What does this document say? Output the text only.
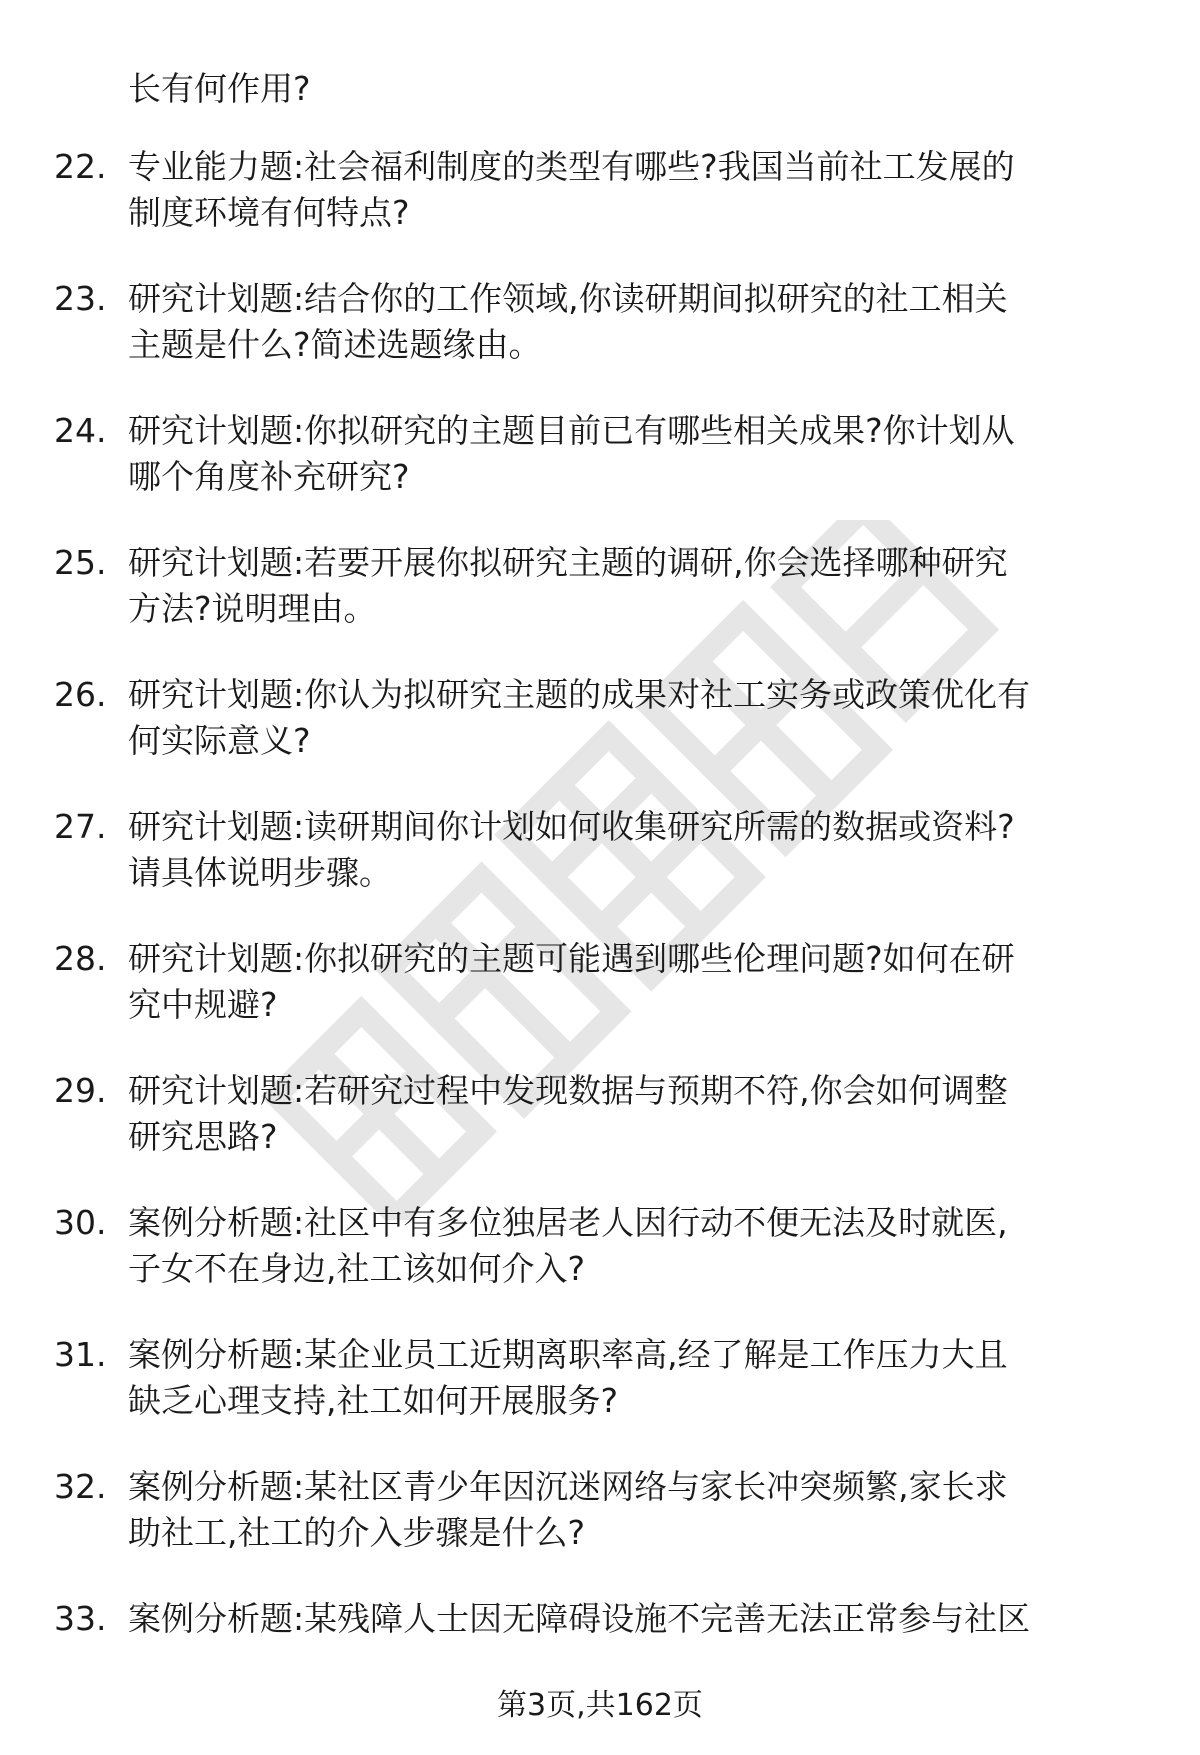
长有何作用?

22. 专业能力题:社会福利制度的类型有哪些?我国当前社工发展的
制度环境有何特点?
23. 研究计划题:结合你的工作领域,你读研期间拟研究的社工相关
主题是什么?简述选题缘由。
24. 研究计划题:你拟研究的主题目前已有哪些相关成果?你计划从
哪个角度补充研究?
25. 研究计划题:若要开展你拟研究主题的调研,你会选择哪种研究
方法?说明理由。
26. 研究计划题:你认为拟研究主题的成果对社工实务或政策优化有
何实际意义?
27. 研究计划题:读研期间你计划如何收集研究所需的数据或资料?
请具体说明步骤。
28. 研究计划题:你拟研究的主题可能遇到哪些伦理问题?如何在研
究中规避?
29. 研究计划题:若研究过程中发现数据与预期不符,你会如何调整
研究思路?
30. 案例分析题:社区中有多位独居老人因行动不便无法及时就医,
子女不在身边,社工该如何介入?
31. 案例分析题:某企业员工近期离职率高,经了解是工作压力大且
缺乏心理支持,社工如何开展服务?
32. 案例分析题:某社区青少年因沉迷网络与家长冲突频繁,家长求
助社工,社工的介入步骤是什么?
33. 案例分析题:某残障人士因无障碍设施不完善无法正常参与社区
第3页,共162页
